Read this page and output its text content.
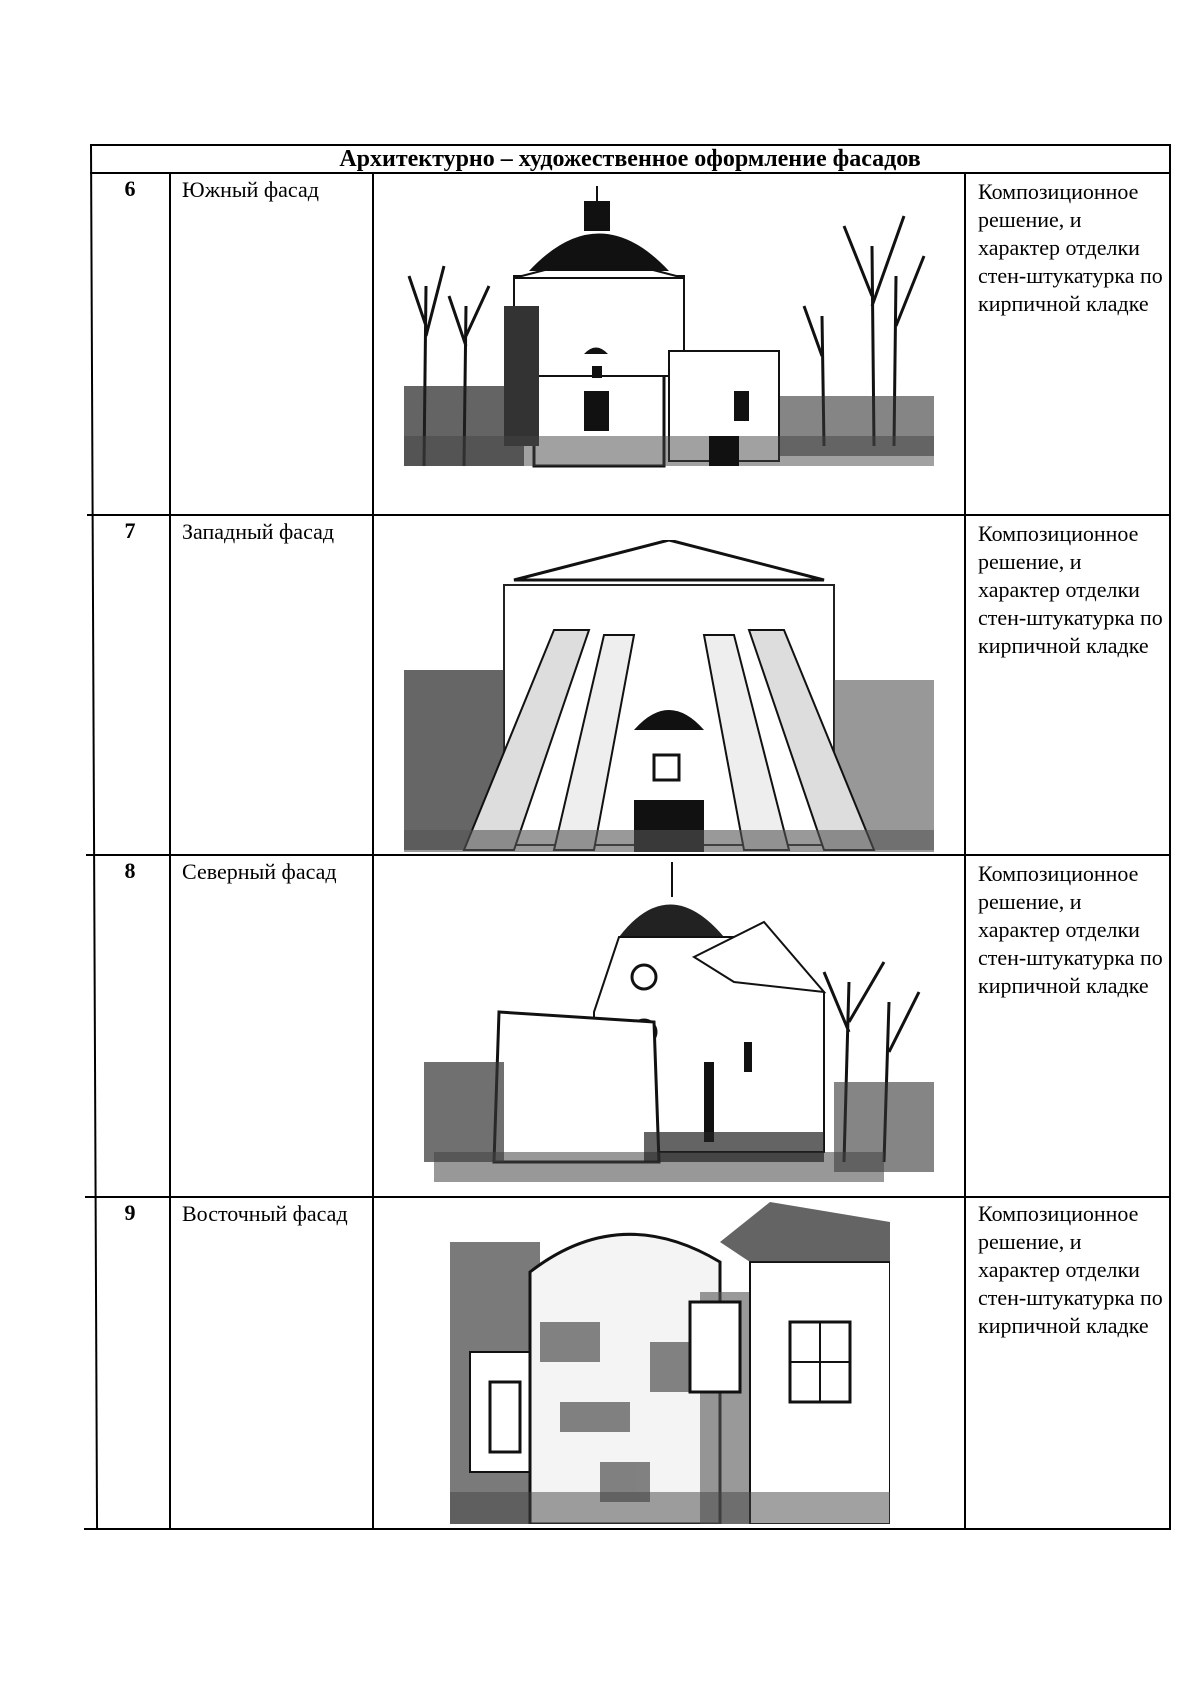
Архитектурно – художественное оформление фасадов
6	Южный фасад	Композиционное решение, и характер отделки стен-штукатурка по кирпичной кладке
7	Западный фасад	Композиционное решение, и характер отделки стен-штукатурка по кирпичной кладке
8	Северный фасад	Композиционное решение, и характер отделки стен-штукатурка по кирпичной кладке
9	Восточный фасад	Композиционное решение, и характер отделки стен-штукатурка по кирпичной кладке
